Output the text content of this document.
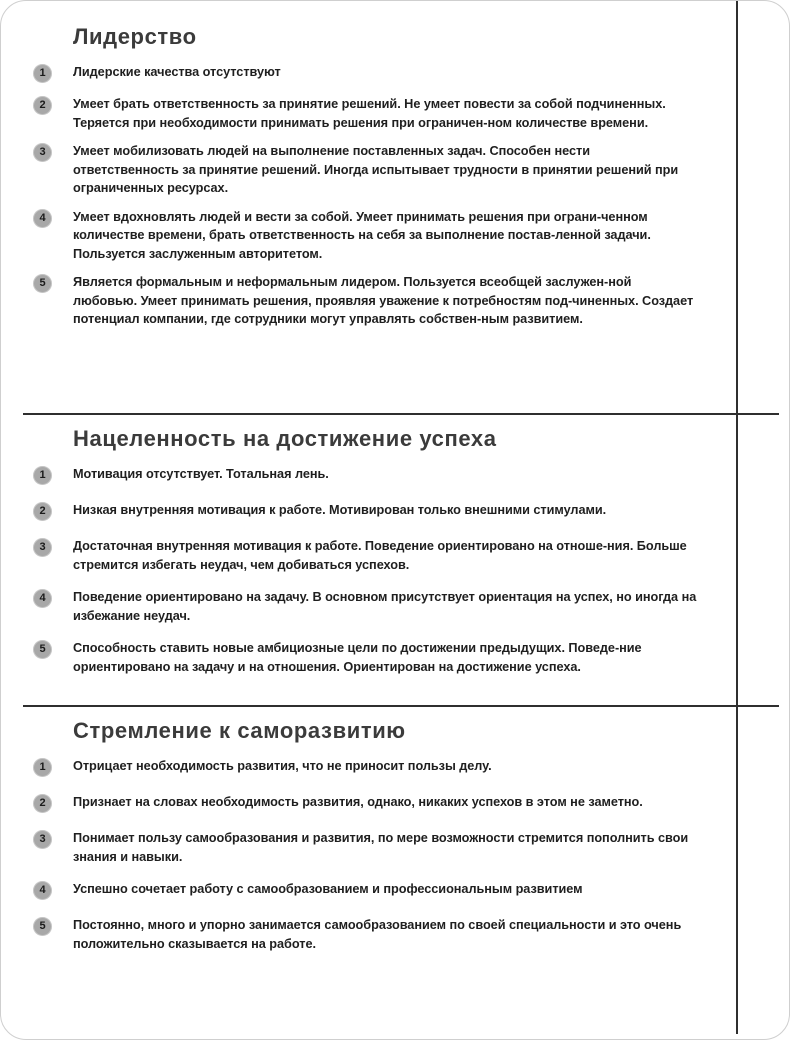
Лидерство
1	Лидерские качества отсутствуют
2	Умеет брать ответственность за принятие решений. Не умеет повести за собой подчиненных. Теряется при необходимости принимать решения при ограничен-ном количестве времени.
3	Умеет мобилизовать людей на выполнение поставленных задач. Способен нести ответственность за принятие решений. Иногда испытывает трудности в принятии решений при ограниченных ресурсах.
4	Умеет вдохновлять людей и вести за собой. Умеет принимать решения при ограни-ченном количестве времени, брать ответственность на себя за выполнение постав-ленной задачи. Пользуется заслуженным авторитетом.
5	Является формальным и неформальным лидером. Пользуется всеобщей заслужен-ной любовью. Умеет принимать решения, проявляя уважение к потребностям под-чиненных. Создает потенциал компании, где сотрудники могут управлять собствен-ным развитием.
Нацеленность на достижение успеха
1	Мотивация отсутствует. Тотальная лень.
2	Низкая внутренняя мотивация к работе. Мотивирован только внешними стимулами.
3	Достаточная внутренняя мотивация к работе. Поведение ориентировано на отноше-ния. Больше стремится избегать неудач, чем добиваться успехов.
4	Поведение ориентировано на задачу. В основном присутствует ориентация на успех, но иногда на избежание неудач.
5	Способность ставить новые амбициозные цели по достижении предыдущих. Поведе-ние ориентировано на задачу и на отношения. Ориентирован на достижение успеха.
Стремление к саморазвитию
1	Отрицает необходимость развития, что не приносит пользы делу.
2	Признает на словах необходимость развития, однако, никаких успехов в этом не заметно.
3	Понимает пользу самообразования и развития, по мере возможности стремится пополнить свои знания и навыки.
4	Успешно сочетает работу с самообразованием и профессиональным развитием
5	Постоянно, много и упорно занимается самообразованием по своей специальности и это очень положительно сказывается на работе.
